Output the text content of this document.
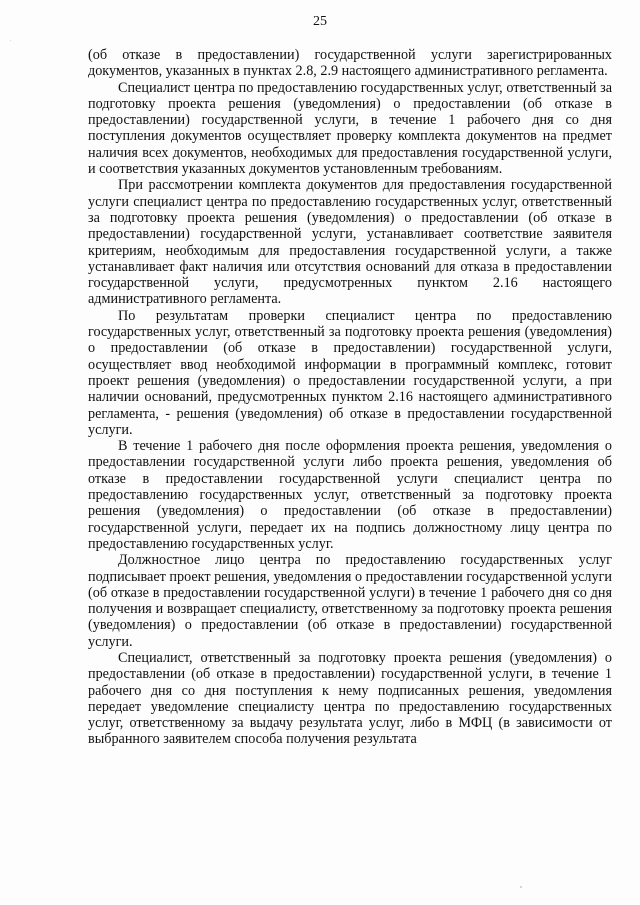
25

(об отказе в предоставлении) государственной услуги зарегистрированных документов, указанных в пунктах 2.8, 2.9 настоящего административного регламента.

Специалист центра по предоставлению государственных услуг, ответственный за подготовку проекта решения (уведомления) о предоставлении (об отказе в предоставлении) государственной услуги, в течение 1 рабочего дня со дня поступления документов осуществляет проверку комплекта документов на предмет наличия всех документов, необходимых для предоставления государственной услуги, и соответствия указанных документов установленным требованиям.

При рассмотрении комплекта документов для предоставления государственной услуги специалист центра по предоставлению государственных услуг, ответственный за подготовку проекта решения (уведомления) о предоставлении (об отказе в предоставлении) государственной услуги, устанавливает соответствие заявителя критериям, необходимым для предоставления государственной услуги, а также устанавливает факт наличия или отсутствия оснований для отказа в предоставлении государственной услуги, предусмотренных пунктом 2.16 настоящего административного регламента.

По результатам проверки специалист центра по предоставлению государственных услуг, ответственный за подготовку проекта решения (уведомления) о предоставлении (об отказе в предоставлении) государственной услуги, осуществляет ввод необходимой информации в программный комплекс, готовит проект решения (уведомления) о предоставлении государственной услуги, а при наличии оснований, предусмотренных пунктом 2.16 настоящего административного регламента, - решения (уведомления) об отказе в предоставлении государственной услуги.

В течение 1 рабочего дня после оформления проекта решения, уведомления о предоставлении государственной услуги либо проекта решения, уведомления об отказе в предоставлении государственной услуги специалист центра по предоставлению государственных услуг, ответственный за подготовку проекта решения (уведомления) о предоставлении (об отказе в предоставлении) государственной услуги, передает их на подпись должностному лицу центра по предоставлению государственных услуг.

Должностное лицо центра по предоставлению государственных услуг подписывает проект решения, уведомления о предоставлении государственной услуги (об отказе в предоставлении государственной услуги) в течение 1 рабочего дня со дня получения и возвращает специалисту, ответственному за подготовку проекта решения (уведомления) о предоставлении (об отказе в предоставлении) государственной услуги.

Специалист, ответственный за подготовку проекта решения (уведомления) о предоставлении (об отказе в предоставлении) государственной услуги, в течение 1 рабочего дня со дня поступления к нему подписанных решения, уведомления передает уведомление специалисту центра по предоставлению государственных услуг, ответственному за выдачу результата услуг, либо в МФЦ (в зависимости от выбранного заявителем способа получения результата
